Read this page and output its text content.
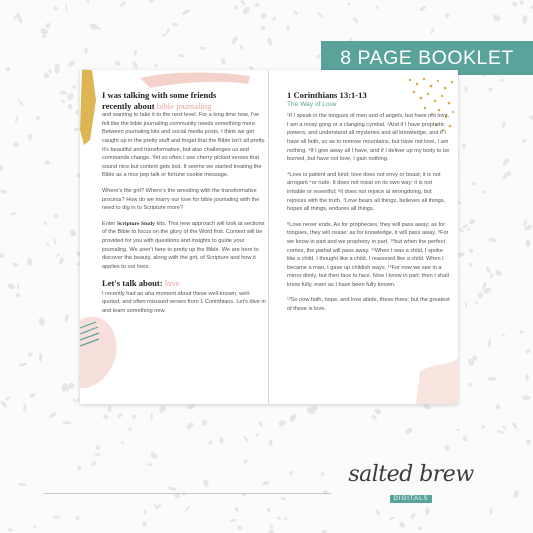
8 PAGE BOOKLET
I was talking with some friends
recently about bible journaling

and wanting to take it to the next level. For a long time now, I've felt like the bible journaling community needs something more. Between journaling kits and social media posts, I think we get caught up in the pretty stuff and forget that the Bible isn't all pretty. It's beautiful and transformative, but also challenges us and commands change. Yet so often I see cherry picked verses that sound nice but context gets lost. It seems we started treating the Bible as a nice pep talk or fortune cookie message.

Where's the grit? Where's the wrestling with the transformative process? How do we marry our love for bible journaling with the need to dig in to Scripture more?

Enter Scripture Study kits. This new approach will look at sections of the Bible to focus on the glory of the Word first. Context will be provided for you with questions and insights to guide your journaling. We aren't here to pretty up the Bible. We are here to discover the beauty, along with the grit, of Scripture and how it applies to our lives.

Let's talk about: love

I recently had an aha moment about these well-known, well-quoted, and often misused verses from 1 Corinthians. Let's dive in and learn something new.

1 Corinthians 13:1-13
The Way of Love

¹If I speak in the tongues of men and of angels, but have not love, I am a noisy gong or a clanging cymbal. ²And if I have prophetic powers, and understand all mysteries and all knowledge, and if I have all faith, so as to remove mountains, but have not love, I am nothing. ³If I give away all I have, and if I deliver up my body to be burned, but have not love, I gain nothing.

⁴Love is patient and kind; love does not envy or boast; it is not arrogant ⁵or rude. It does not insist on its own way; it is not irritable or resentful; ⁶it does not rejoice at wrongdoing, but rejoices with the truth. ⁷Love bears all things, believes all things, hopes all things, endures all things.

⁸Love never ends. As for prophecies, they will pass away; as for tongues, they will cease; as for knowledge, it will pass away. ⁹For we know in part and we prophesy in part, ¹⁰but when the perfect comes, the partial will pass away. ¹¹When I was a child, I spoke like a child, I thought like a child, I reasoned like a child. When I became a man, I gave up childish ways. ¹²For now we see in a mirror dimly, but then face to face. Now I know in part; then I shall know fully, even as I have been fully known.

¹³So now faith, hope, and love abide, these three; but the greatest of these is love.

salted brew
DIGITALS
